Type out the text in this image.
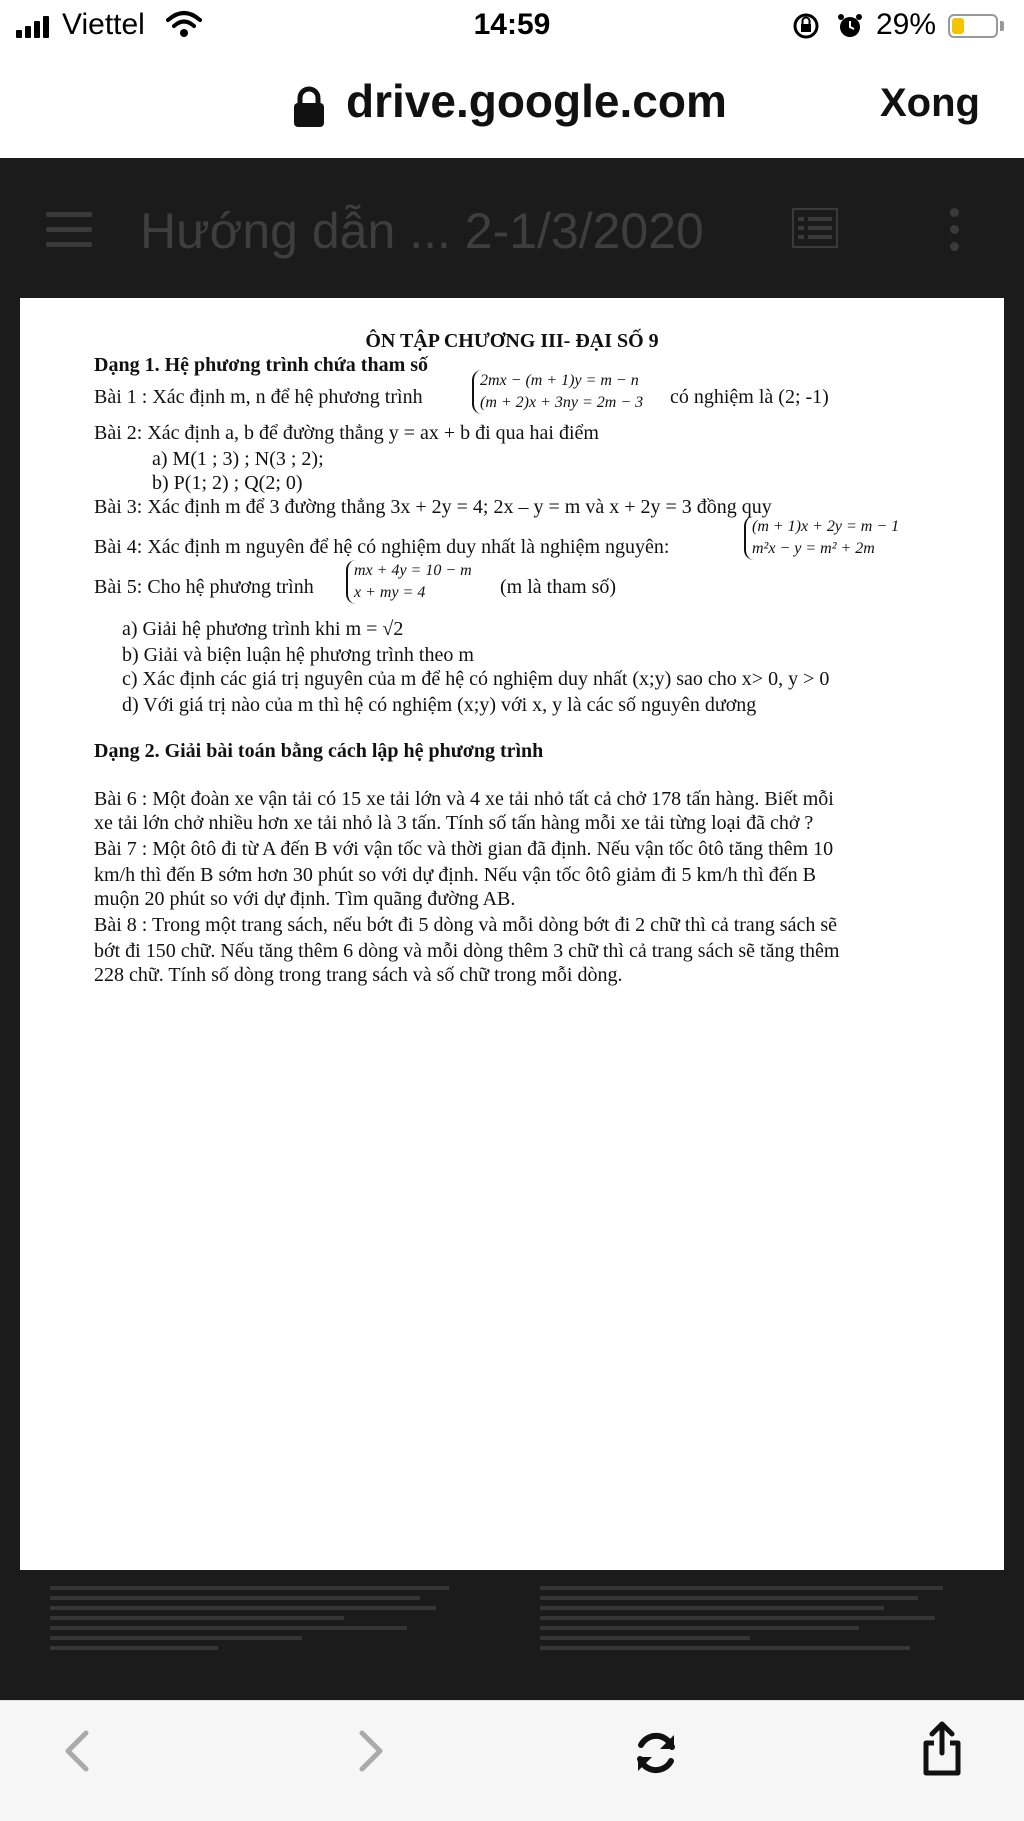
Viettel	14:59	29%
drive.google.com	Xong
Hướng dẫn ... 2-1/3/2020
ÔN TẬP CHƯƠNG III- ĐẠI SỐ 9
Dạng 1. Hệ phương trình chứa tham số
Bài 1 : Xác định m, n để hệ phương trình
2mx − (m + 1)y = m − n
(m + 2)x + 3ny = 2m − 3 có nghiệm là (2; -1)
Bài 2: Xác định a, b để đường thẳng y = ax + b đi qua hai điểm
a) M(1 ; 3) ; N(3 ; 2);
b) P(1; 2) ; Q(2; 0)
Bài 3: Xác định m để 3 đường thẳng 3x + 2y = 4; 2x – y = m và x + 2y = 3 đồng quy
Bài 4: Xác định m nguyên để hệ có nghiệm duy nhất là nghiệm nguyên:
(m + 1)x + 2y = m − 1
m²x − y = m² + 2m
Bài 5: Cho hệ phương trình
mx + 4y = 10 − m
x + my = 4	(m là tham số)
a) Giải hệ phương trình khi m = √2
b) Giải và biện luận hệ phương trình theo m
c) Xác định các giá trị nguyên của m để hệ có nghiệm duy nhất (x;y) sao cho x> 0, y > 0
d) Với giá trị nào của m thì hệ có nghiệm (x;y) với x, y là các số nguyên dương
Dạng 2. Giải bài toán bằng cách lập hệ phương trình
Bài 6 : Một đoàn xe vận tải có 15 xe tải lớn và 4 xe tải nhỏ tất cả chở 178 tấn hàng. Biết mỗi
xe tải lớn chở nhiều hơn xe tải nhỏ là 3 tấn. Tính số tấn hàng mỗi xe tải từng loại đã chở ?
Bài 7 : Một ôtô đi từ A đến B với vận tốc và thời gian đã định. Nếu vận tốc ôtô tăng thêm 10
km/h thì đến B sớm hơn 30 phút so với dự định. Nếu vận tốc ôtô giảm đi 5 km/h thì đến B
muộn 20 phút so với dự định. Tìm quãng đường AB.
Bài 8 : Trong một trang sách, nếu bớt đi 5 dòng và mỗi dòng bớt đi 2 chữ thì cả trang sách sẽ
bớt đi 150 chữ. Nếu tăng thêm 6 dòng và mỗi dòng thêm 3 chữ thì cả trang sách sẽ tăng thêm
228 chữ. Tính số dòng trong trang sách và số chữ trong mỗi dòng.
